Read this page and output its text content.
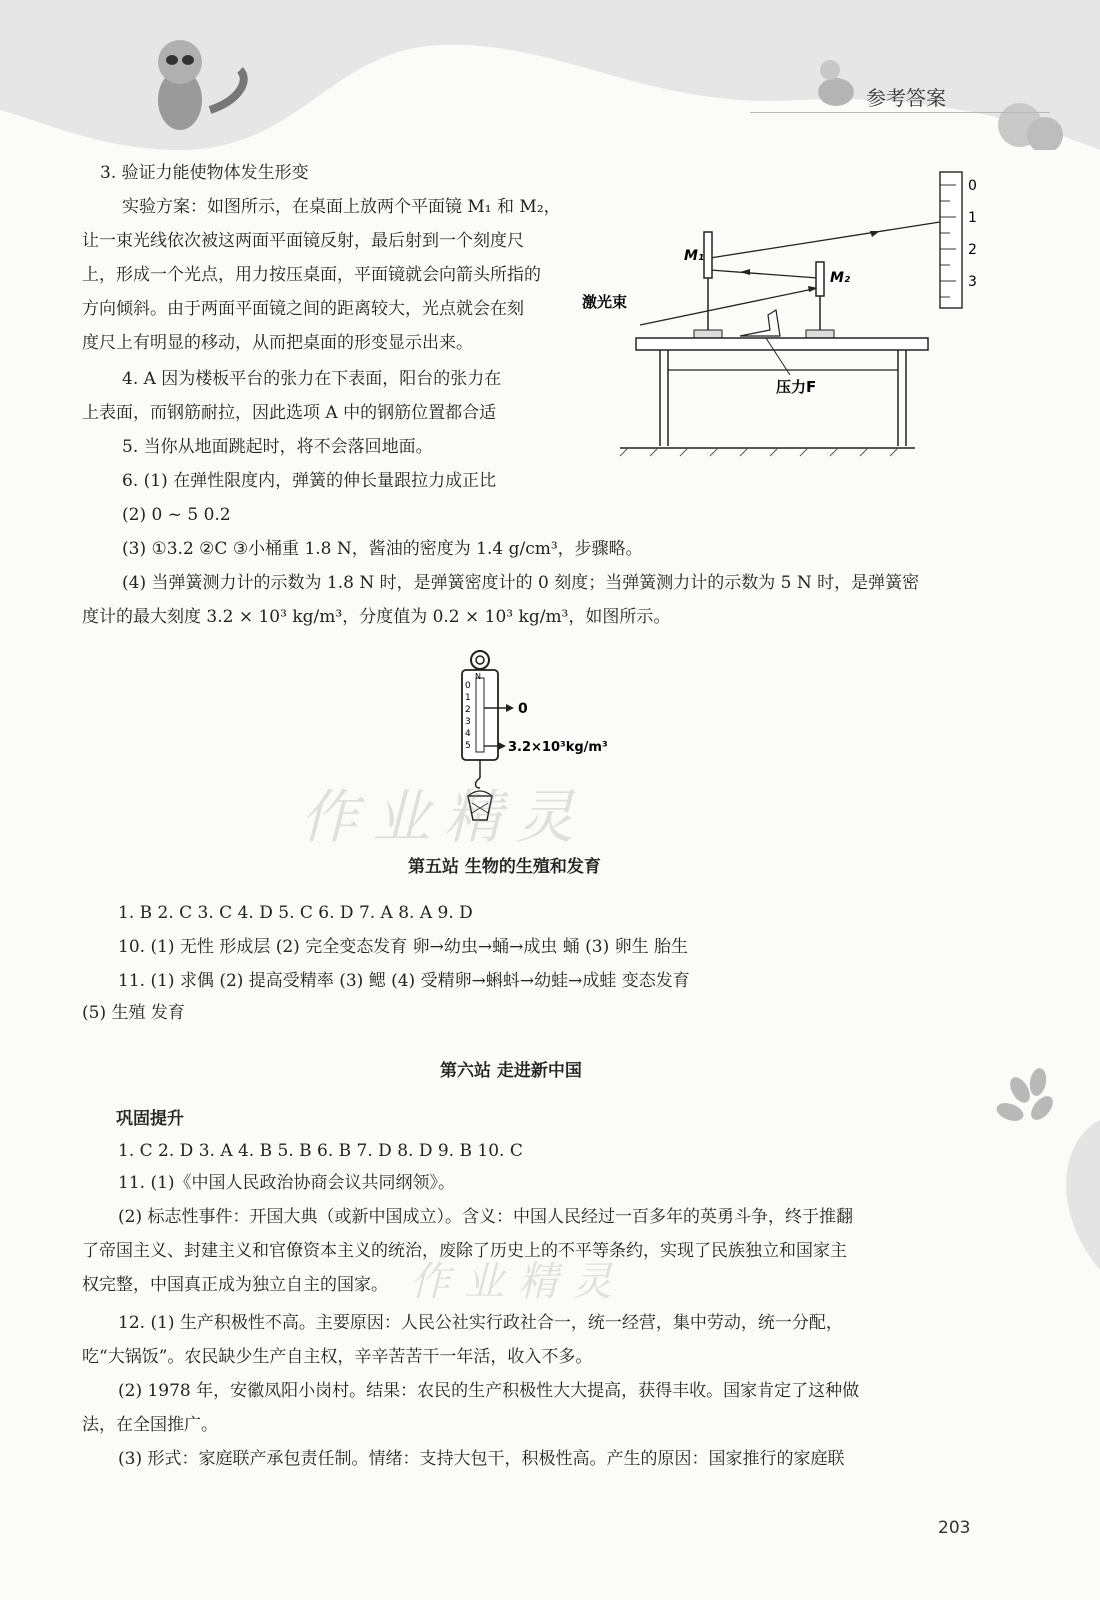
参考答案
3. 验证力能使物体发生形变
实验方案：如图所示，在桌面上放两个平面镜 M₁ 和 M₂，
让一束光线依次被这两面平面镜反射，最后射到一个刻度尺
上，形成一个光点，用力按压桌面，平面镜就会向箭头所指的
方向倾斜。由于两面平面镜之间的距离较大，光点就会在刻
度尺上有明显的移动，从而把桌面的形变显示出来。
4. A 因为楼板平台的张力在下表面，阳台的张力在
上表面，而钢筋耐拉，因此选项 A 中的钢筋位置都合适
5. 当你从地面跳起时，将不会落回地面。
6. (1) 在弹性限度内，弹簧的伸长量跟拉力成正比
(2) 0 ~ 5 0.2
(3) ①3.2 ②C ③小桶重 1.8 N，酱油的密度为 1.4 g/cm³，步骤略。
(4) 当弹簧测力计的示数为 1.8 N 时，是弹簧密度计的 0 刻度；当弹簧测力计的示数为 5 N 时，是弹簧密
度计的最大刻度 3.2 × 10³ kg/m³，分度值为 0.2 × 10³ kg/m³，如图所示。
0
1
2
3
M₁
M₂
激光束
压力F
N
0
1
2
3
4
5
0
3.2×10³kg/m³
作业精灵
第五站 生物的生殖和发育
1. B 2. C 3. C 4. D 5. C 6. D 7. A 8. A 9. D
10. (1) 无性 形成层 (2) 完全变态发育 卵→幼虫→蛹→成虫 蛹 (3) 卵生 胎生
11. (1) 求偶 (2) 提高受精率 (3) 鳃 (4) 受精卵→蝌蚪→幼蛙→成蛙 变态发育
(5) 生殖 发育
第六站 走进新中国
巩固提升
1. C 2. D 3. A 4. B 5. B 6. B 7. D 8. D 9. B 10. C
11. (1)《中国人民政治协商会议共同纲领》。
(2) 标志性事件：开国大典（或新中国成立）。含义：中国人民经过一百多年的英勇斗争，终于推翻
了帝国主义、封建主义和官僚资本主义的统治，废除了历史上的不平等条约，实现了民族独立和国家主
权完整，中国真正成为独立自主的国家。 作业精灵
12. (1) 生产积极性不高。主要原因：人民公社实行政社合一，统一经营，集中劳动，统一分配，
吃“大锅饭”。农民缺少生产自主权，辛辛苦苦干一年活，收入不多。
(2) 1978 年，安徽凤阳小岗村。结果：农民的生产积极性大大提高，获得丰收。国家肯定了这种做
法，在全国推广。
(3) 形式：家庭联产承包责任制。情绪：支持大包干，积极性高。产生的原因：国家推行的家庭联
203
